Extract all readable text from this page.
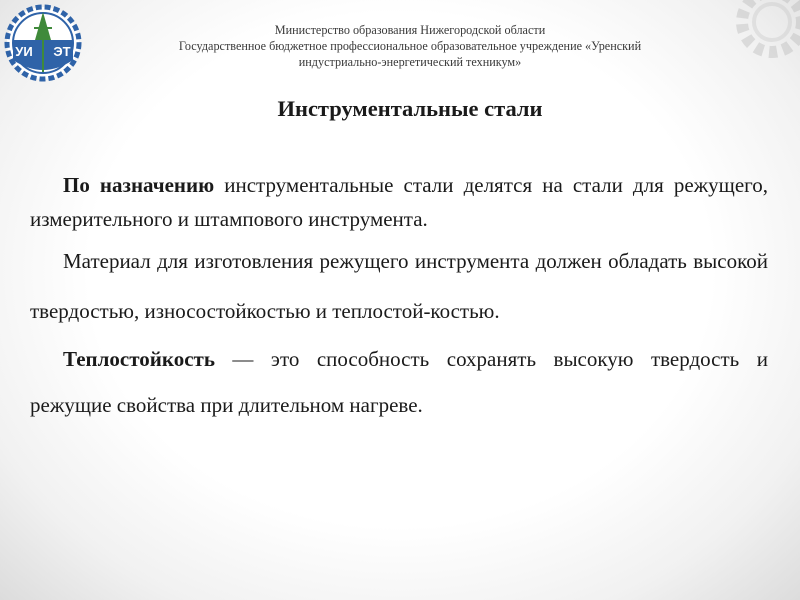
УИ ЭТ
Министерство образования Нижегородской области
Государственное бюджетное профессиональное образовательное учреждение «Уренский
индустриально-энергетический техникум»
Инструментальные стали

По назначению инструментальные стали делятся на стали для режущего, измерительного и штампового инструмента.

Материал для изготовления режущего инструмента должен обладать высокой твердостью, износостойкостью и теплостой-костью.

Теплостойкость — это способность сохранять высокую твердость и режущие свойства при длительном нагреве.
